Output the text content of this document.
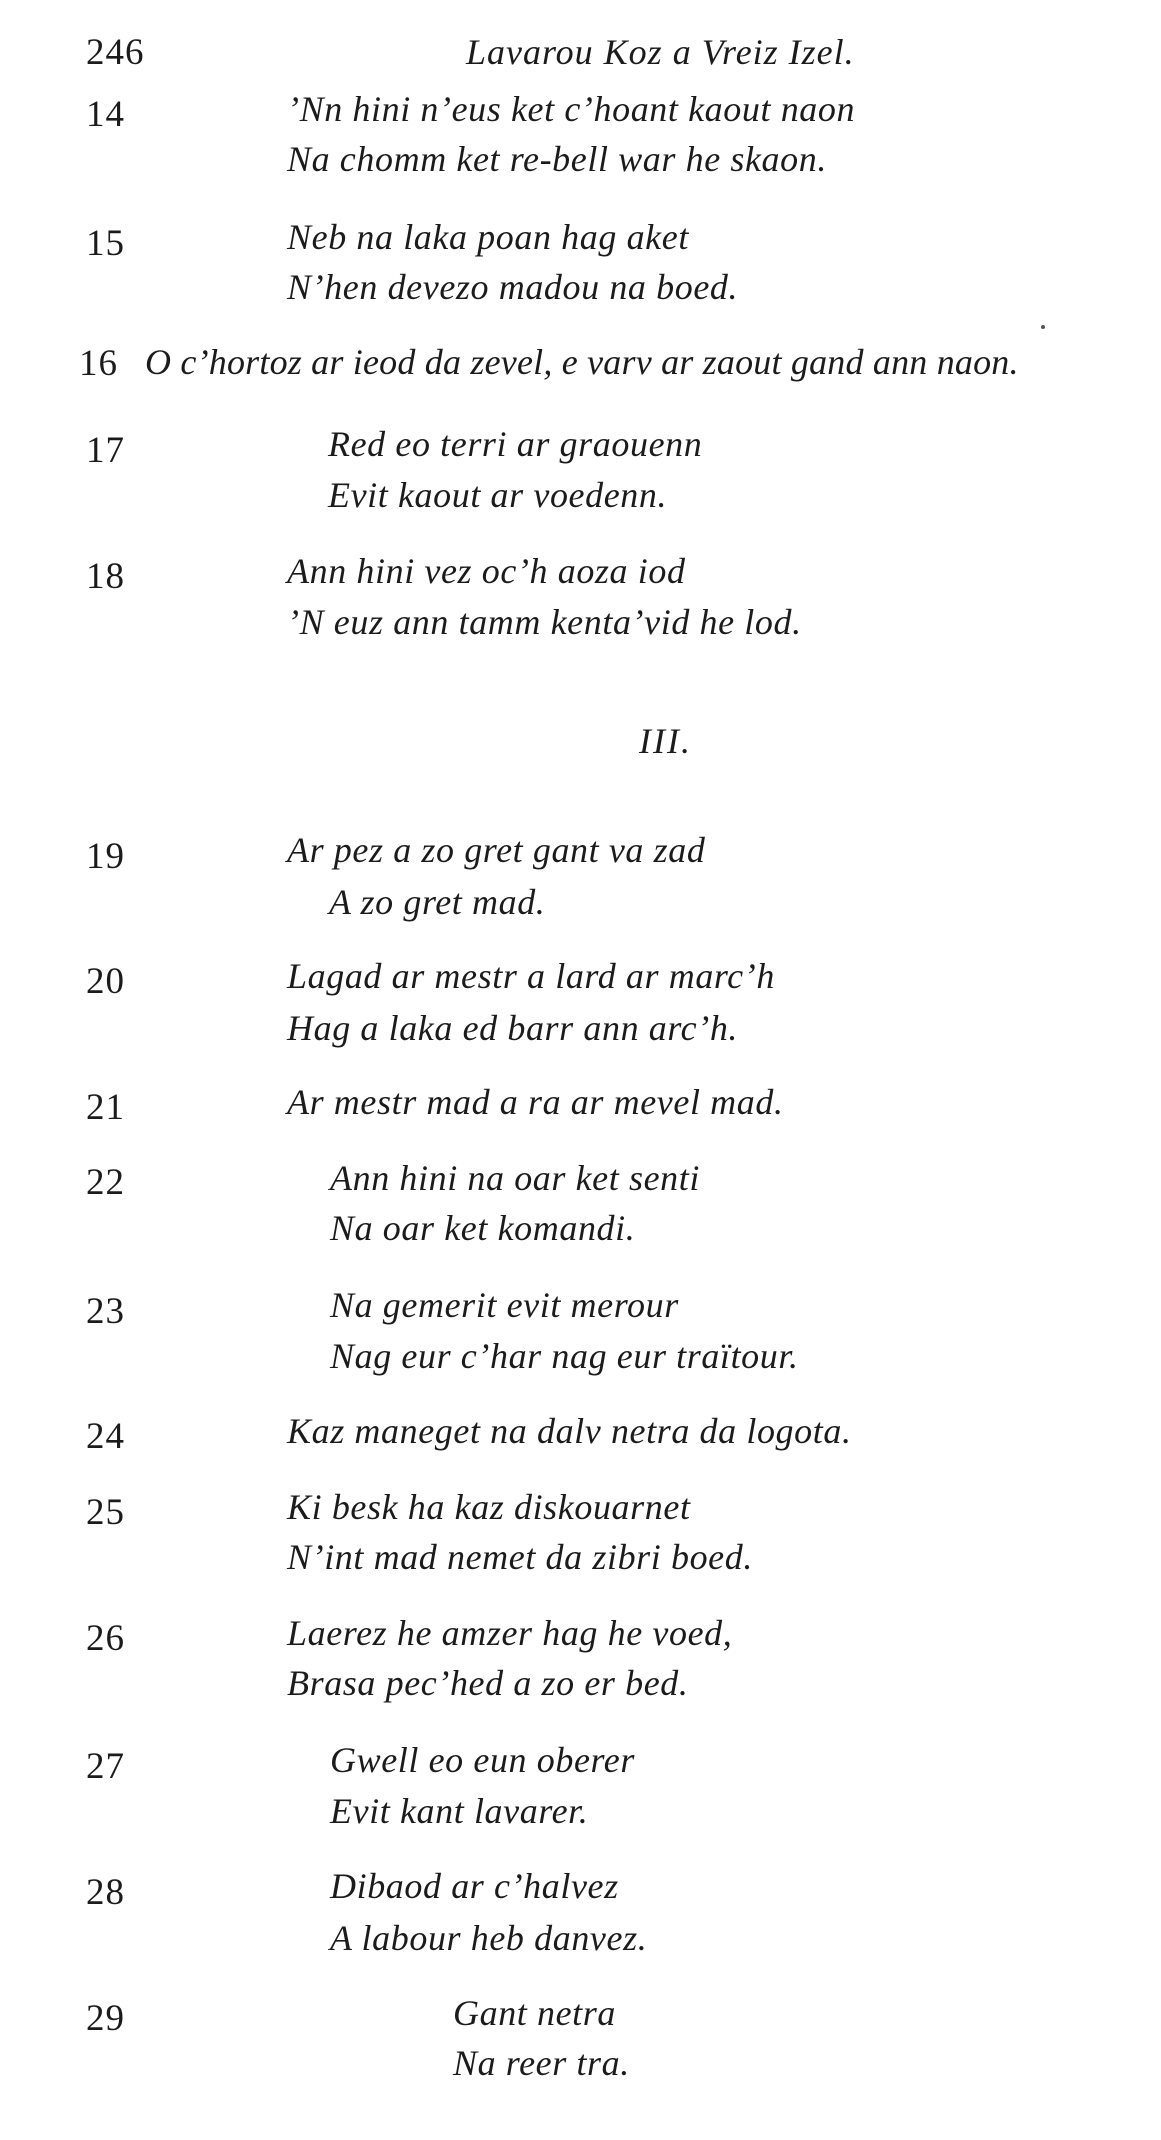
246	Lavarou Koz a Vreiz Izel.
14	’Nn hini n’eus ket c’hoant kaout naon
Na chomm ket re-bell war he skaon.
15	Neb na laka poan hag aket
N’hen devezo madou na boed.
16 O c’hortoz ar ieod da zevel, e varv ar zaout gand ann naon.
17	Red eo terri ar graouenn
Evit kaout ar voedenn.
18	Ann hini vez oc’h aoza iod
’N euz ann tamm kenta’vid he lod.
III.
19	Ar pez a zo gret gant va zad
A zo gret mad.
20	Lagad ar mestr a lard ar marc’h
Hag a laka ed barr ann arc’h.
21	Ar mestr mad a ra ar mevel mad.
22	Ann hini na oar ket senti
Na oar ket komandi.
23	Na gemerit evit merour
Nag eur c’har nag eur traïtour.
24	Kaz maneget na dalv netra da logota.
25	Ki besk ha kaz diskouarnet
N’int mad nemet da zibri boed.
26	Laerez he amzer hag he voed,
Brasa pec’hed a zo er bed.
27	Gwell eo eun oberer
Evit kant lavarer.
28	Dibaod ar c’halvez
A labour heb danvez.
29	Gant netra
Na reer tra.
